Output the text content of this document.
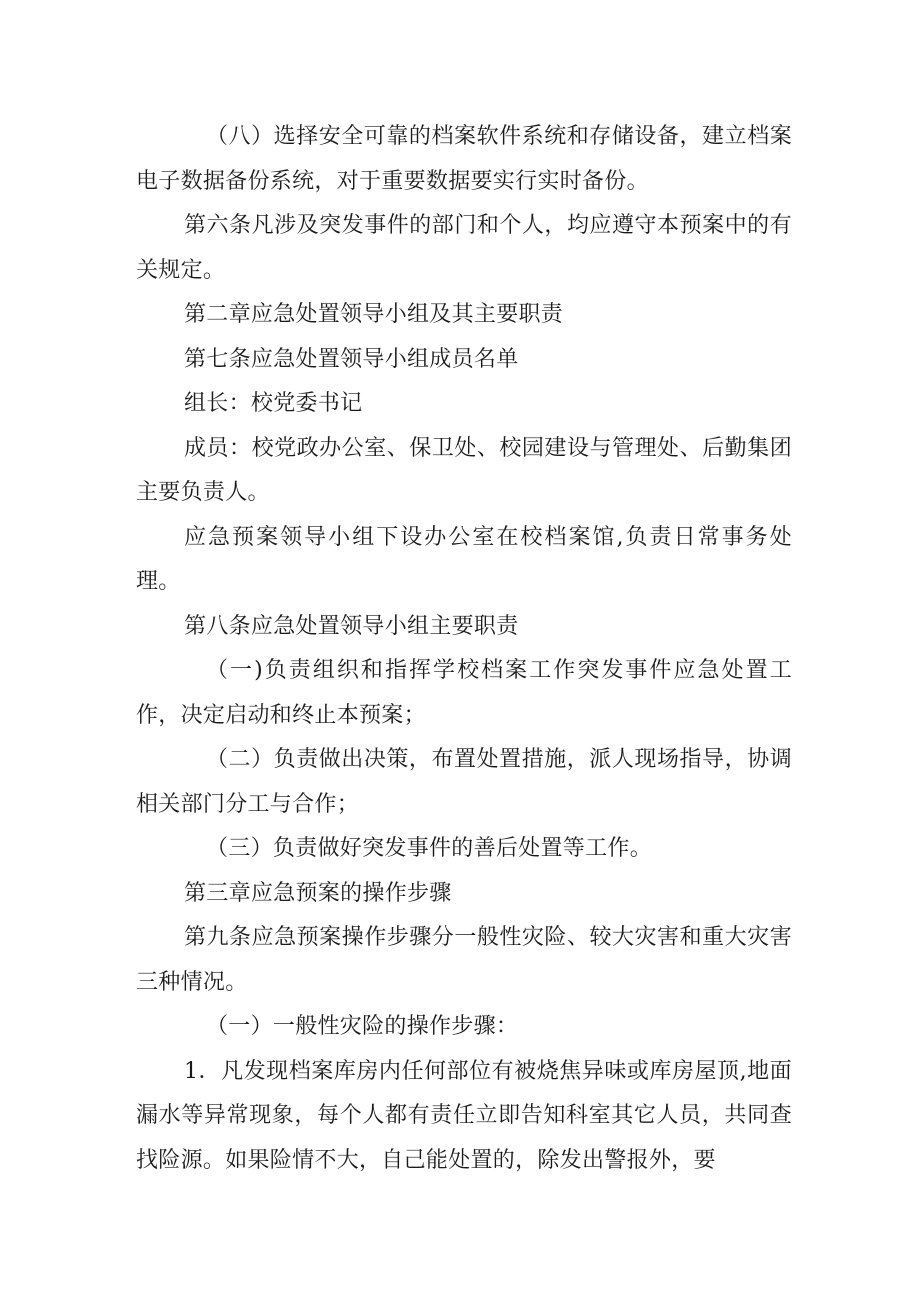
（八）选择安全可靠的档案软件系统和存储设备，建立档案电子数据备份系统，对于重要数据要实行实时备份。

第六条凡涉及突发事件的部门和个人，均应遵守本预案中的有关规定。

第二章应急处置领导小组及其主要职责

第七条应急处置领导小组成员名单

组长：校党委书记

成员：校党政办公室、保卫处、校园建设与管理处、后勤集团主要负责人。

应急预案领导小组下设办公室在校档案馆,负责日常事务处理。

第八条应急处置领导小组主要职责

（一)负责组织和指挥学校档案工作突发事件应急处置工作，决定启动和终止本预案；

（二）负责做出决策，布置处置措施，派人现场指导，协调相关部门分工与合作；

（三）负责做好突发事件的善后处置等工作。

第三章应急预案的操作步骤

第九条应急预案操作步骤分一般性灾险、较大灾害和重大灾害三种情况。

（一）一般性灾险的操作步骤：

1．凡发现档案库房内任何部位有被烧焦异味或库房屋顶,地面漏水等异常现象，每个人都有责任立即告知科室其它人员，共同查找险源。如果险情不大，自己能处置的，除发出警报外，要
